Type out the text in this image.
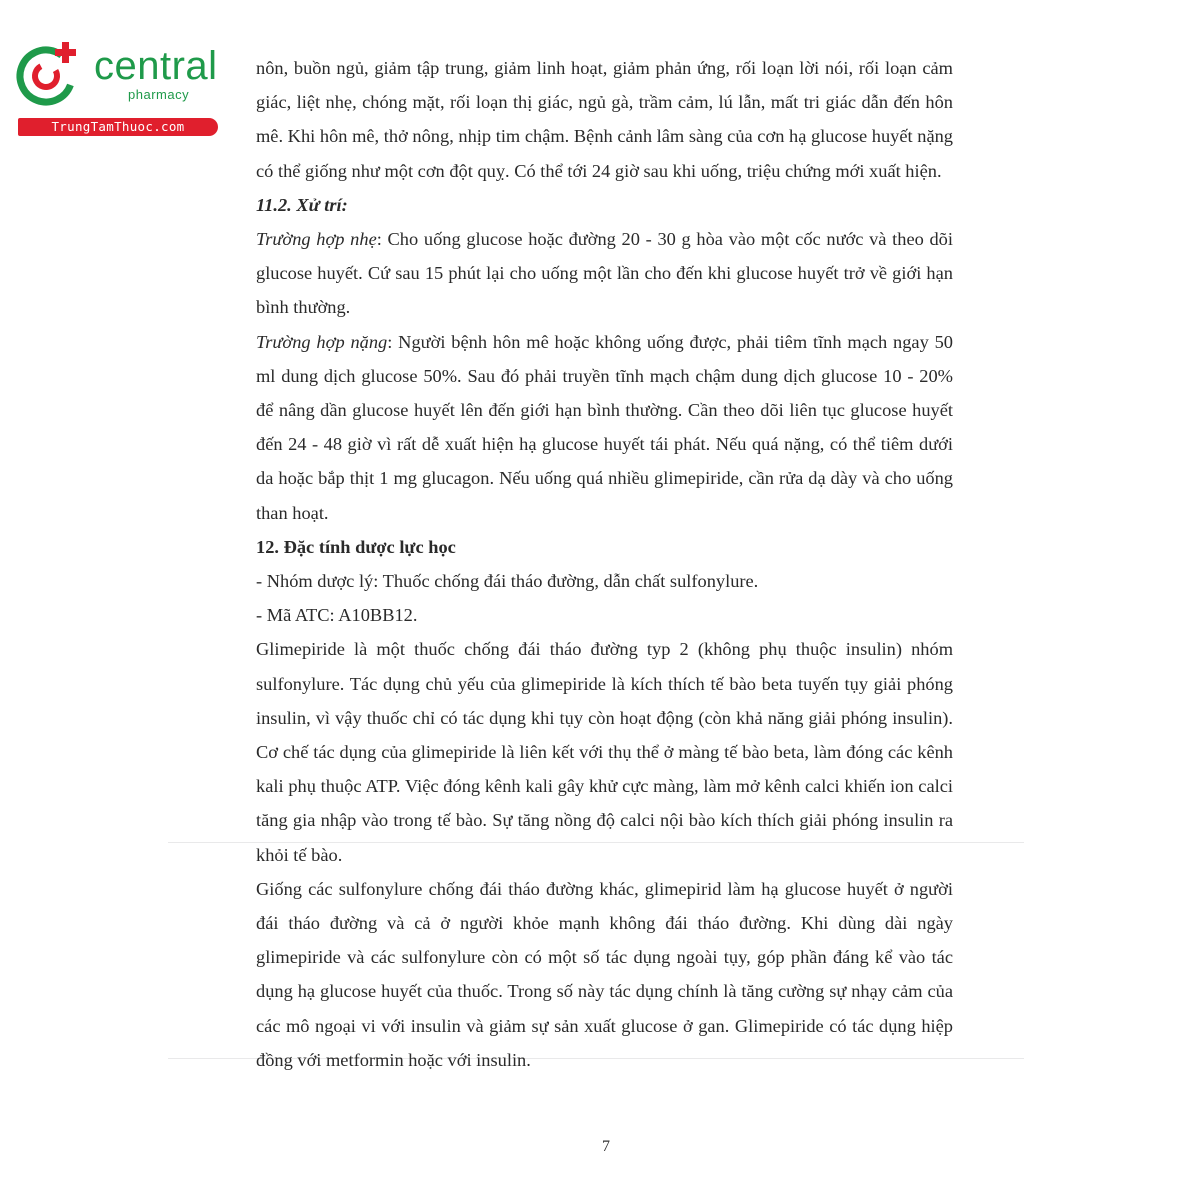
central
pharmacy
TrungTamThuoc.com

nôn, buồn ngủ, giảm tập trung, giảm linh hoạt, giảm phản ứng, rối loạn lời nói, rối loạn cảm giác, liệt nhẹ, chóng mặt, rối loạn thị giác, ngủ gà, trầm cảm, lú lẫn, mất tri giác dẫn đến hôn mê. Khi hôn mê, thở nông, nhịp tim chậm. Bệnh cảnh lâm sàng của cơn hạ glucose huyết nặng có thể giống như một cơn đột quỵ. Có thể tới 24 giờ sau khi uống, triệu chứng mới xuất hiện.

11.2. Xử trí:

Trường hợp nhẹ: Cho uống glucose hoặc đường 20 - 30 g hòa vào một cốc nước và theo dõi glucose huyết. Cứ sau 15 phút lại cho uống một lần cho đến khi glucose huyết trở về giới hạn bình thường.

Trường hợp nặng: Người bệnh hôn mê hoặc không uống được, phải tiêm tĩnh mạch ngay 50 ml dung dịch glucose 50%. Sau đó phải truyền tĩnh mạch chậm dung dịch glucose 10 - 20% để nâng dần glucose huyết lên đến giới hạn bình thường. Cần theo dõi liên tục glucose huyết đến 24 - 48 giờ vì rất dễ xuất hiện hạ glucose huyết tái phát. Nếu quá nặng, có thể tiêm dưới da hoặc bắp thịt 1 mg glucagon. Nếu uống quá nhiều glimepiride, cần rửa dạ dày và cho uống than hoạt.

12. Đặc tính dược lực học

- Nhóm dược lý: Thuốc chống đái tháo đường, dẫn chất sulfonylure.

- Mã ATC: A10BB12.

Glimepiride là một thuốc chống đái tháo đường typ 2 (không phụ thuộc insulin) nhóm sulfonylure. Tác dụng chủ yếu của glimepiride là kích thích tế bào beta tuyến tụy giải phóng insulin, vì vậy thuốc chỉ có tác dụng khi tụy còn hoạt động (còn khả năng giải phóng insulin). Cơ chế tác dụng của glimepiride là liên kết với thụ thể ở màng tế bào beta, làm đóng các kênh kali phụ thuộc ATP. Việc đóng kênh kali gây khử cực màng, làm mở kênh calci khiến ion calci tăng gia nhập vào trong tế bào. Sự tăng nồng độ calci nội bào kích thích giải phóng insulin ra khỏi tế bào.

Giống các sulfonylure chống đái tháo đường khác, glimepirid làm hạ glucose huyết ở người đái tháo đường và cả ở người khỏe mạnh không đái tháo đường. Khi dùng dài ngày glimepiride và các sulfonylure còn có một số tác dụng ngoài tụy, góp phần đáng kể vào tác dụng hạ glucose huyết của thuốc. Trong số này tác dụng chính là tăng cường sự nhạy cảm của các mô ngoại vi với insulin và giảm sự sản xuất glucose ở gan. Glimepiride có tác dụng hiệp đồng với metformin hoặc với insulin.

7
